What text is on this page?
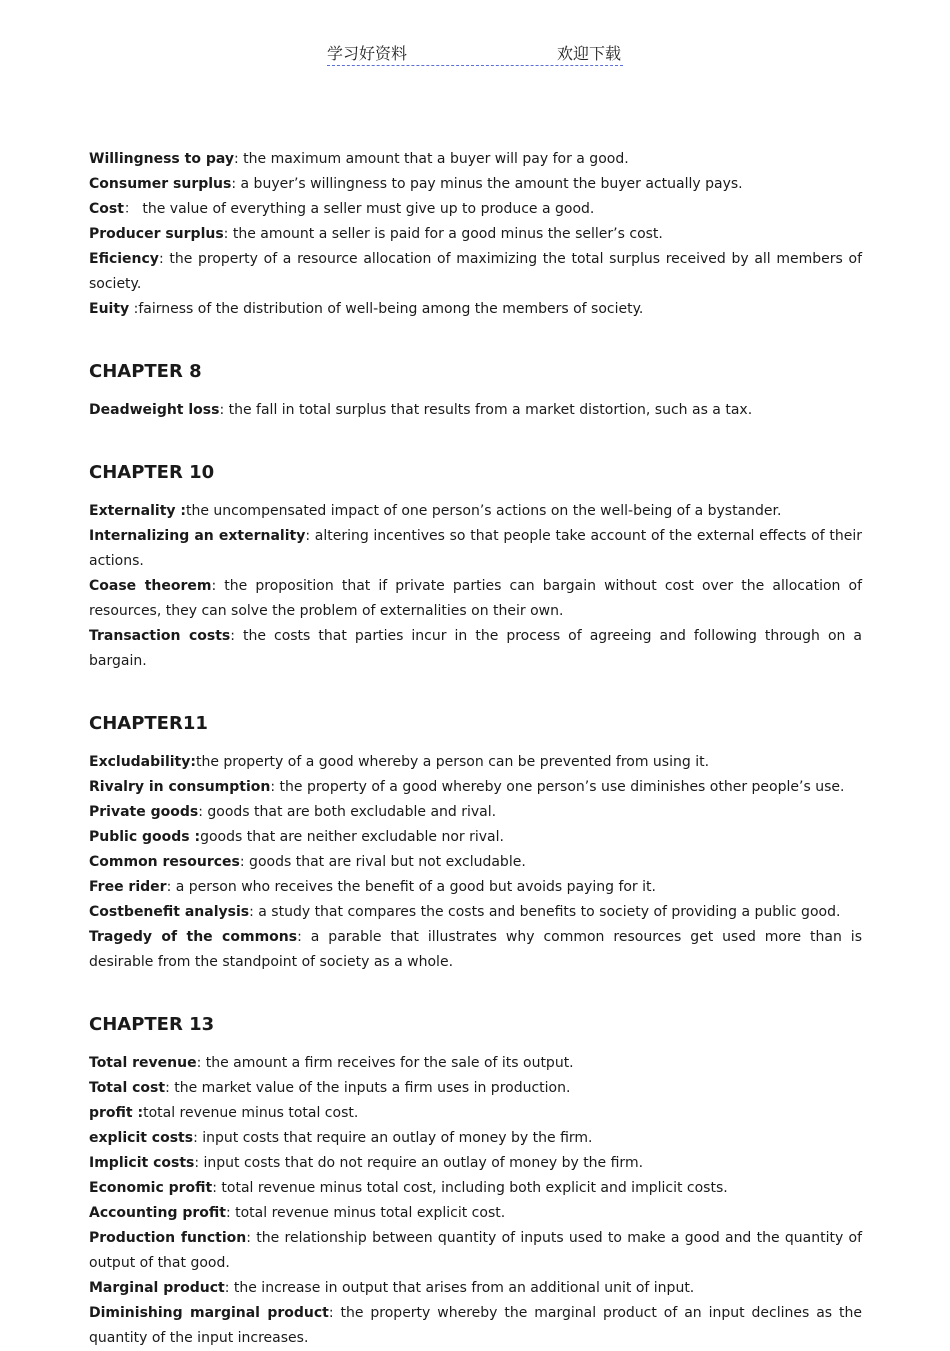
学习好资料	欢迎下载

Willingness to pay: the maximum amount that a buyer will pay for a good.

Consumer surplus: a buyer’s willingness to pay minus the amount the buyer actually pays.

Cost： the value of everything a seller must give up to produce a good.

Producer surplus: the amount a seller is paid for a good minus the seller’s cost.

Eficiency: the property of a resource allocation of maximizing the total surplus received by all members of society.

Euity :fairness of the distribution of well-being among the members of society.

CHAPTER 8

Deadweight loss: the fall in total surplus that results from a market distortion, such as a tax.

CHAPTER 10

Externality :the uncompensated impact of one person’s actions on the well-being of a bystander.

Internalizing an externality: altering incentives so that people take account of the external effects of their actions.

Coase theorem: the proposition that if private parties can bargain without cost over the allocation of resources, they can solve the problem of externalities on their own.

Transaction costs: the costs that parties incur in the process of agreeing and following through on a bargain.

CHAPTER11

Excludability:the property of a good whereby a person can be prevented from using it.

Rivalry in consumption: the property of a good whereby one person’s use diminishes other people’s use.

Private goods: goods that are both excludable and rival.

Public goods :goods that are neither excludable nor rival.

Common resources: goods that are rival but not excludable.

Free rider: a person who receives the benefit of a good but avoids paying for it.

Costbenefit analysis: a study that compares the costs and benefits to society of providing a public good.

Tragedy of the commons: a parable that illustrates why common resources get used more than is desirable from the standpoint of society as a whole.

CHAPTER 13

Total revenue: the amount a firm receives for the sale of its output.

Total cost: the market value of the inputs a firm uses in production.

profit :total revenue minus total cost.

explicit costs: input costs that require an outlay of money by the firm.

Implicit costs: input costs that do not require an outlay of money by the firm.

Economic profit: total revenue minus total cost, including both explicit and implicit costs.

Accounting profit: total revenue minus total explicit cost.

Production function: the relationship between quantity of inputs used to make a good and the quantity of output of that good.

Marginal product: the increase in output that arises from an additional unit of input.

Diminishing marginal product: the property whereby the marginal product of an input declines as the quantity of the input increases.
